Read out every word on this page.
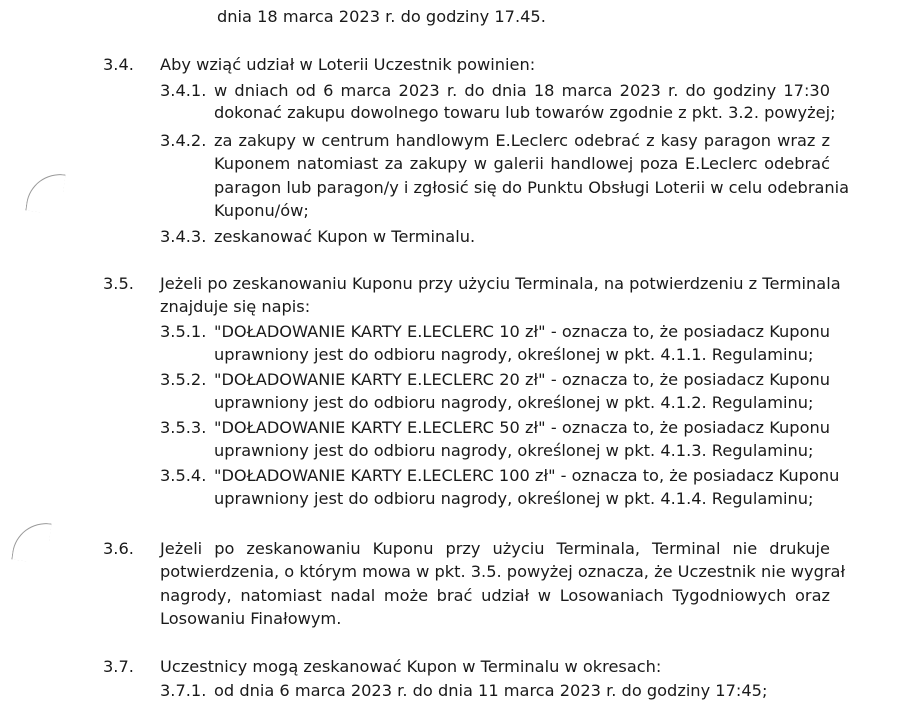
dnia 18 marca 2023 r. do godziny 17.45.
3.4. Aby wziąć udział w Loterii Uczestnik powinien:
3.4.1. w dniach od 6 marca 2023 r. do dnia 18 marca 2023 r. do godziny 17:30
dokonać zakupu dowolnego towaru lub towarów zgodnie z pkt. 3.2. powyżej;
3.4.2. za zakupy w centrum handlowym E.Leclerc odebrać z kasy paragon wraz z
Kuponem natomiast za zakupy w galerii handlowej poza E.Leclerc odebrać
paragon lub paragon/y i zgłosić się do Punktu Obsługi Loterii w celu odebrania
Kuponu/ów;
3.4.3. zeskanować Kupon w Terminalu.
3.5. Jeżeli po zeskanowaniu Kuponu przy użyciu Terminala, na potwierdzeniu z Terminala
znajduje się napis:
3.5.1. "DOŁADOWANIE KARTY E.LECLERC 10 zł" - oznacza to, że posiadacz Kuponu
uprawniony jest do odbioru nagrody, określonej w pkt. 4.1.1. Regulaminu;
3.5.2. "DOŁADOWANIE KARTY E.LECLERC 20 zł" - oznacza to, że posiadacz Kuponu
uprawniony jest do odbioru nagrody, określonej w pkt. 4.1.2. Regulaminu;
3.5.3. "DOŁADOWANIE KARTY E.LECLERC 50 zł" - oznacza to, że posiadacz Kuponu
uprawniony jest do odbioru nagrody, określonej w pkt. 4.1.3. Regulaminu;
3.5.4. "DOŁADOWANIE KARTY E.LECLERC 100 zł" - oznacza to, że posiadacz Kuponu
uprawniony jest do odbioru nagrody, określonej w pkt. 4.1.4. Regulaminu;
3.6. Jeżeli po zeskanowaniu Kuponu przy użyciu Terminala, Terminal nie drukuje
potwierdzenia, o którym mowa w pkt. 3.5. powyżej oznacza, że Uczestnik nie wygrał
nagrody, natomiast nadal może brać udział w Losowaniach Tygodniowych oraz
Losowaniu Finałowym.
3.7. Uczestnicy mogą zeskanować Kupon w Terminalu w okresach:
3.7.1. od dnia 6 marca 2023 r. do dnia 11 marca 2023 r. do godziny 17:45;
